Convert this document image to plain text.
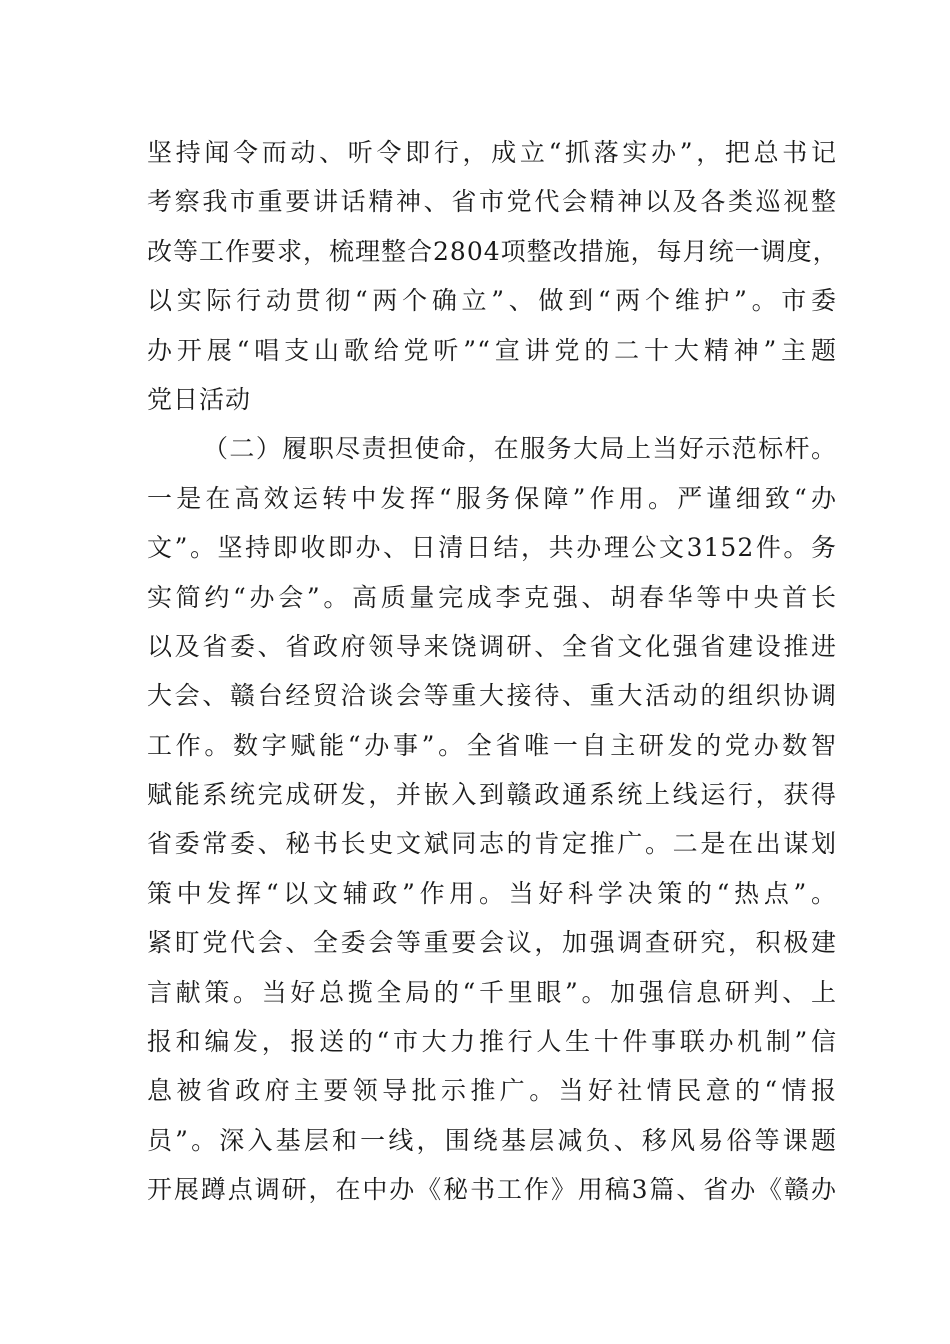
坚持闻令而动、听令即行，成立“抓落实办”，把总书记
考察我市重要讲话精神、省市党代会精神以及各类巡视整
改等工作要求，梳理整合2804项整改措施，每月统一调度，
以实际行动贯彻“两个确立”、做到“两个维护”。市委
办开展“唱支山歌给党听”“宣讲党的二十大精神”主题
党日活动
（二）履职尽责担使命，在服务大局上当好示范标杆。
一是在高效运转中发挥“服务保障”作用。严谨细致“办
文”。坚持即收即办、日清日结，共办理公文3152件。务
实简约“办会”。高质量完成李克强、胡春华等中央首长
以及省委、省政府领导来饶调研、全省文化强省建设推进
大会、赣台经贸洽谈会等重大接待、重大活动的组织协调
工作。数字赋能“办事”。全省唯一自主研发的党办数智
赋能系统完成研发，并嵌入到赣政通系统上线运行，获得
省委常委、秘书长史文斌同志的肯定推广。二是在出谋划
策中发挥“以文辅政”作用。当好科学决策的“热点”。
紧盯党代会、全委会等重要会议，加强调查研究，积极建
言献策。当好总揽全局的“千里眼”。加强信息研判、上
报和编发，报送的“市大力推行人生十件事联办机制”信
息被省政府主要领导批示推广。当好社情民意的“情报
员”。深入基层和一线，围绕基层减负、移风易俗等课题
开展蹲点调研，在中办《秘书工作》用稿3篇、省办《赣办
